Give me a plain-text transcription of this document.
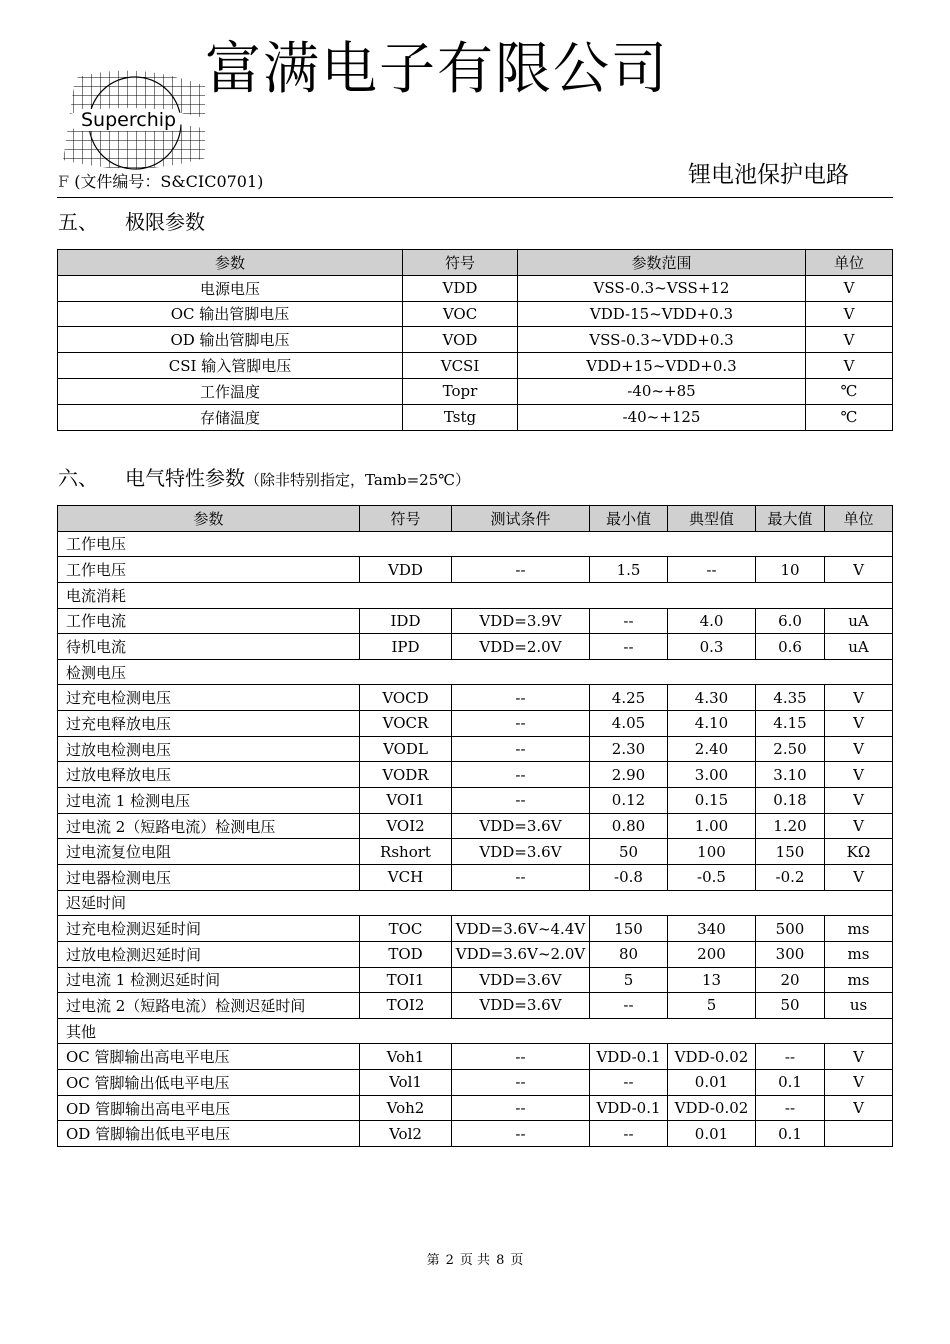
富满电子有限公司
Superchip
F (文件编号：S&CIC0701)	锂电池保护电路
五、 极限参数
参数	符号	参数范围	单位
电源电压	VDD	VSS-0.3~VSS+12	V
OC 输出管脚电压	VOC	VDD-15~VDD+0.3	V
OD 输出管脚电压	VOD	VSS-0.3~VDD+0.3	V
CSI 输入管脚电压	VCSI	VDD+15~VDD+0.3	V
工作温度	Topr	-40~+85	℃
存储温度	Tstg	-40~+125	℃
六、 电气特性参数（除非特别指定，Tamb=25℃）
参数	符号	测试条件	最小值	典型值	最大值	单位
工作电压						
工作电压	VDD	--	1.5	--	10	V
电流消耗						
工作电流	IDD	VDD=3.9V	--	4.0	6.0	uA
待机电流	IPD	VDD=2.0V	--	0.3	0.6	uA
检测电压						
过充电检测电压	VOCD	--	4.25	4.30	4.35	V
过充电释放电压	VOCR	--	4.05	4.10	4.15	V
过放电检测电压	VODL	--	2.30	2.40	2.50	V
过放电释放电压	VODR	--	2.90	3.00	3.10	V
过电流 1 检测电压	VOI1	--	0.12	0.15	0.18	V
过电流 2（短路电流）检测电压	VOI2	VDD=3.6V	0.80	1.00	1.20	V
过电流复位电阻	Rshort	VDD=3.6V	50	100	150	KΩ
过电器检测电压	VCH	--	-0.8	-0.5	-0.2	V
迟延时间						
过充电检测迟延时间	TOC	VDD=3.6V~4.4V	150	340	500	ms
过放电检测迟延时间	TOD	VDD=3.6V~2.0V	80	200	300	ms
过电流 1 检测迟延时间	TOI1	VDD=3.6V	5	13	20	ms
过电流 2（短路电流）检测迟延时间	TOI2	VDD=3.6V	--	5	50	us
其他						
OC 管脚输出高电平电压	Voh1	--	VDD-0.1	VDD-0.02	--	V
OC 管脚输出低电平电压	Vol1	--	--	0.01	0.1	V
OD 管脚输出高电平电压	Voh2	--	VDD-0.1	VDD-0.02	--	V
OD 管脚输出低电平电压	Vol2	--	--	0.01	0.1	
第 2 页 共 8 页
